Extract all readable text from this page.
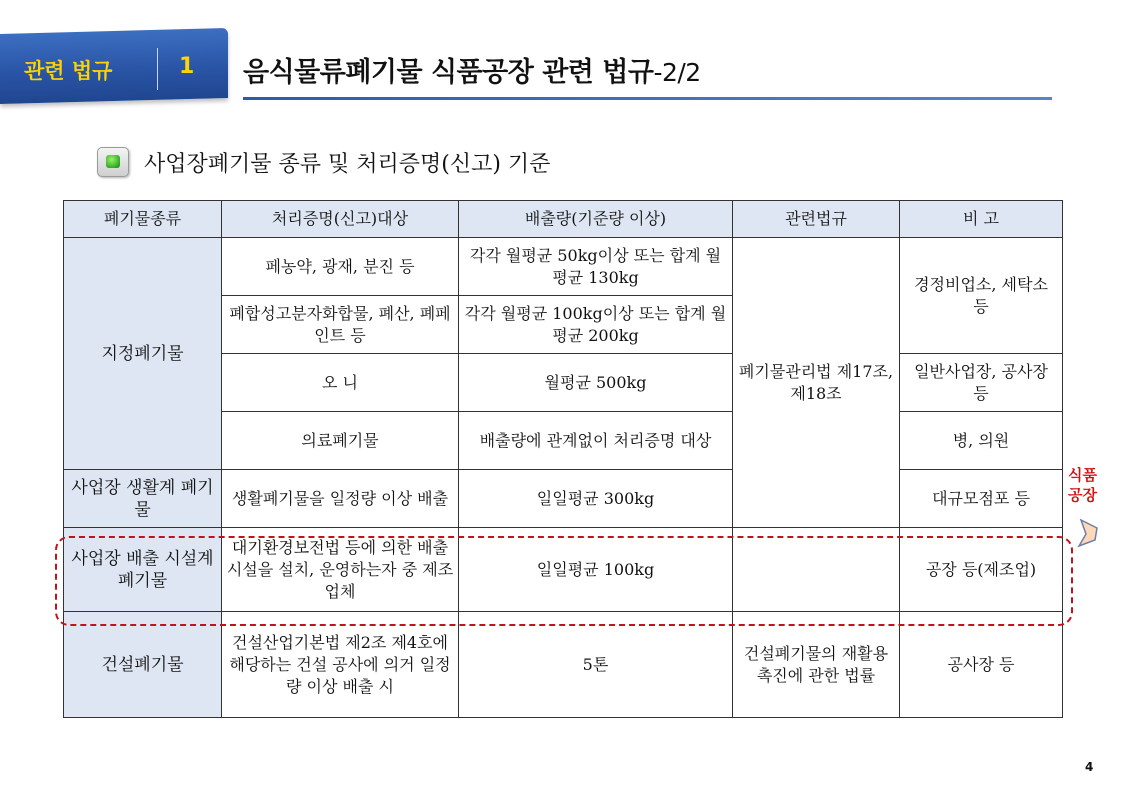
관련 법규	1 음식물류폐기물 식품공장 관련 법규-2/2
사업장폐기물 종류 및 처리증명(신고) 기준
폐기물종류	처리증명(신고)대상	배출량(기준량 이상)	관련법규	비 고
지정폐기물	페농약, 광재, 분진 등	각각 월평균 50kg이상 또는 합계 월평균 130kg	폐기물관리법 제17조, 제18조	경정비업소, 세탁소 등
	폐합성고분자화합물, 폐산, 폐페인트 등	각각 월평균 100kg이상 또는 합계 월평균 200kg		
	오 니	월평균 500kg		일반사업장, 공사장 등
	의료폐기물	배출량에 관계없이 처리증명 대상		병, 의원
사업장 생활계 폐기물	생활폐기물을 일정량 이상 배출	일일평균 300kg		대규모점포 등
사업장 배출 시설계 폐기물	대기환경보전법 등에 의한 배출시설을 설치, 운영하는자 중 제조업체	일일평균 100kg		공장 등(제조업)
건설폐기물	건설산업기본법 제2조 제4호에 해당하는 건설 공사에 의거 일정량 이상 배출 시	5톤	건설폐기물의 재활용촉진에 관한 법률	공사장 등
식품
공장
4
